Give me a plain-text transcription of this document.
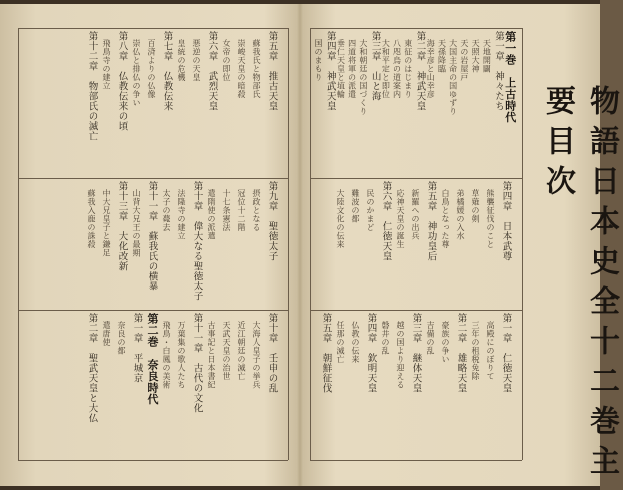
第五章　推古天皇
蘇我氏と物部氏
崇峻天皇の暗殺
女帝の即位
第六章　武烈天皇
悪逆の天皇
皇統の危機
第七章　仏教伝来
百済よりの仏像
崇仏と排仏の争い
第八章　仏教伝来の頃
飛鳥寺の建立
第十二章　物部氏の滅亡
第九章　聖徳太子
摂政となる
冠位十二階
十七条憲法
遣隋使の派遣
第十章　偉大なる聖徳太子
法隆寺の建立
太子の薨去
第十一章　蘇我氏の横暴
山背大兄王の最期
第十三章　大化改新
中大兄皇子と鎌足
蘇我入鹿の誅殺
第十章　壬申の乱
大海人皇子の挙兵
近江朝廷の滅亡
天武天皇の治世
古事記と日本書紀
第十一章　古代の文化
万葉集の歌人たち
飛鳥・白鳳の美術
第二巻　奈良時代
第一章　平城京
奈良の都
遣唐使
第二章　聖武天皇と大仏
第一巻　上古時代
第一章　神々たち
天地開闢
天照大神
天の岩屋戸
大国主命の国ゆずり
天孫降臨
海幸彦と山幸彦
第二章　神武天皇
東征のはじまり
八咫烏の道案内
大和平定と即位
第三章　山と海
大和朝廷の国づくり
四道将軍の派遣
垂仁天皇と埴輪
第四章　神武天皇
国のまもり
第四章　日本武尊
熊襲征伐のこと
草薙の剣
弟橘媛の入水
白鳥となった尊
第五章　神功皇后
新羅への出兵
応神天皇の誕生
第六章　仁徳天皇
民のかまど
難波の都
大陸文化の伝来
第一章　仁徳天皇
高殿にのぼりて
三年の租税免除
第二章　雄略天皇
豪族の争い
吉備の乱
第三章　継体天皇
越の国より迎える
磐井の乱
第四章　欽明天皇
仏教の伝来
任那の滅亡
第五章　朝鮮征伐	物語日本史全十二巻主要目次
